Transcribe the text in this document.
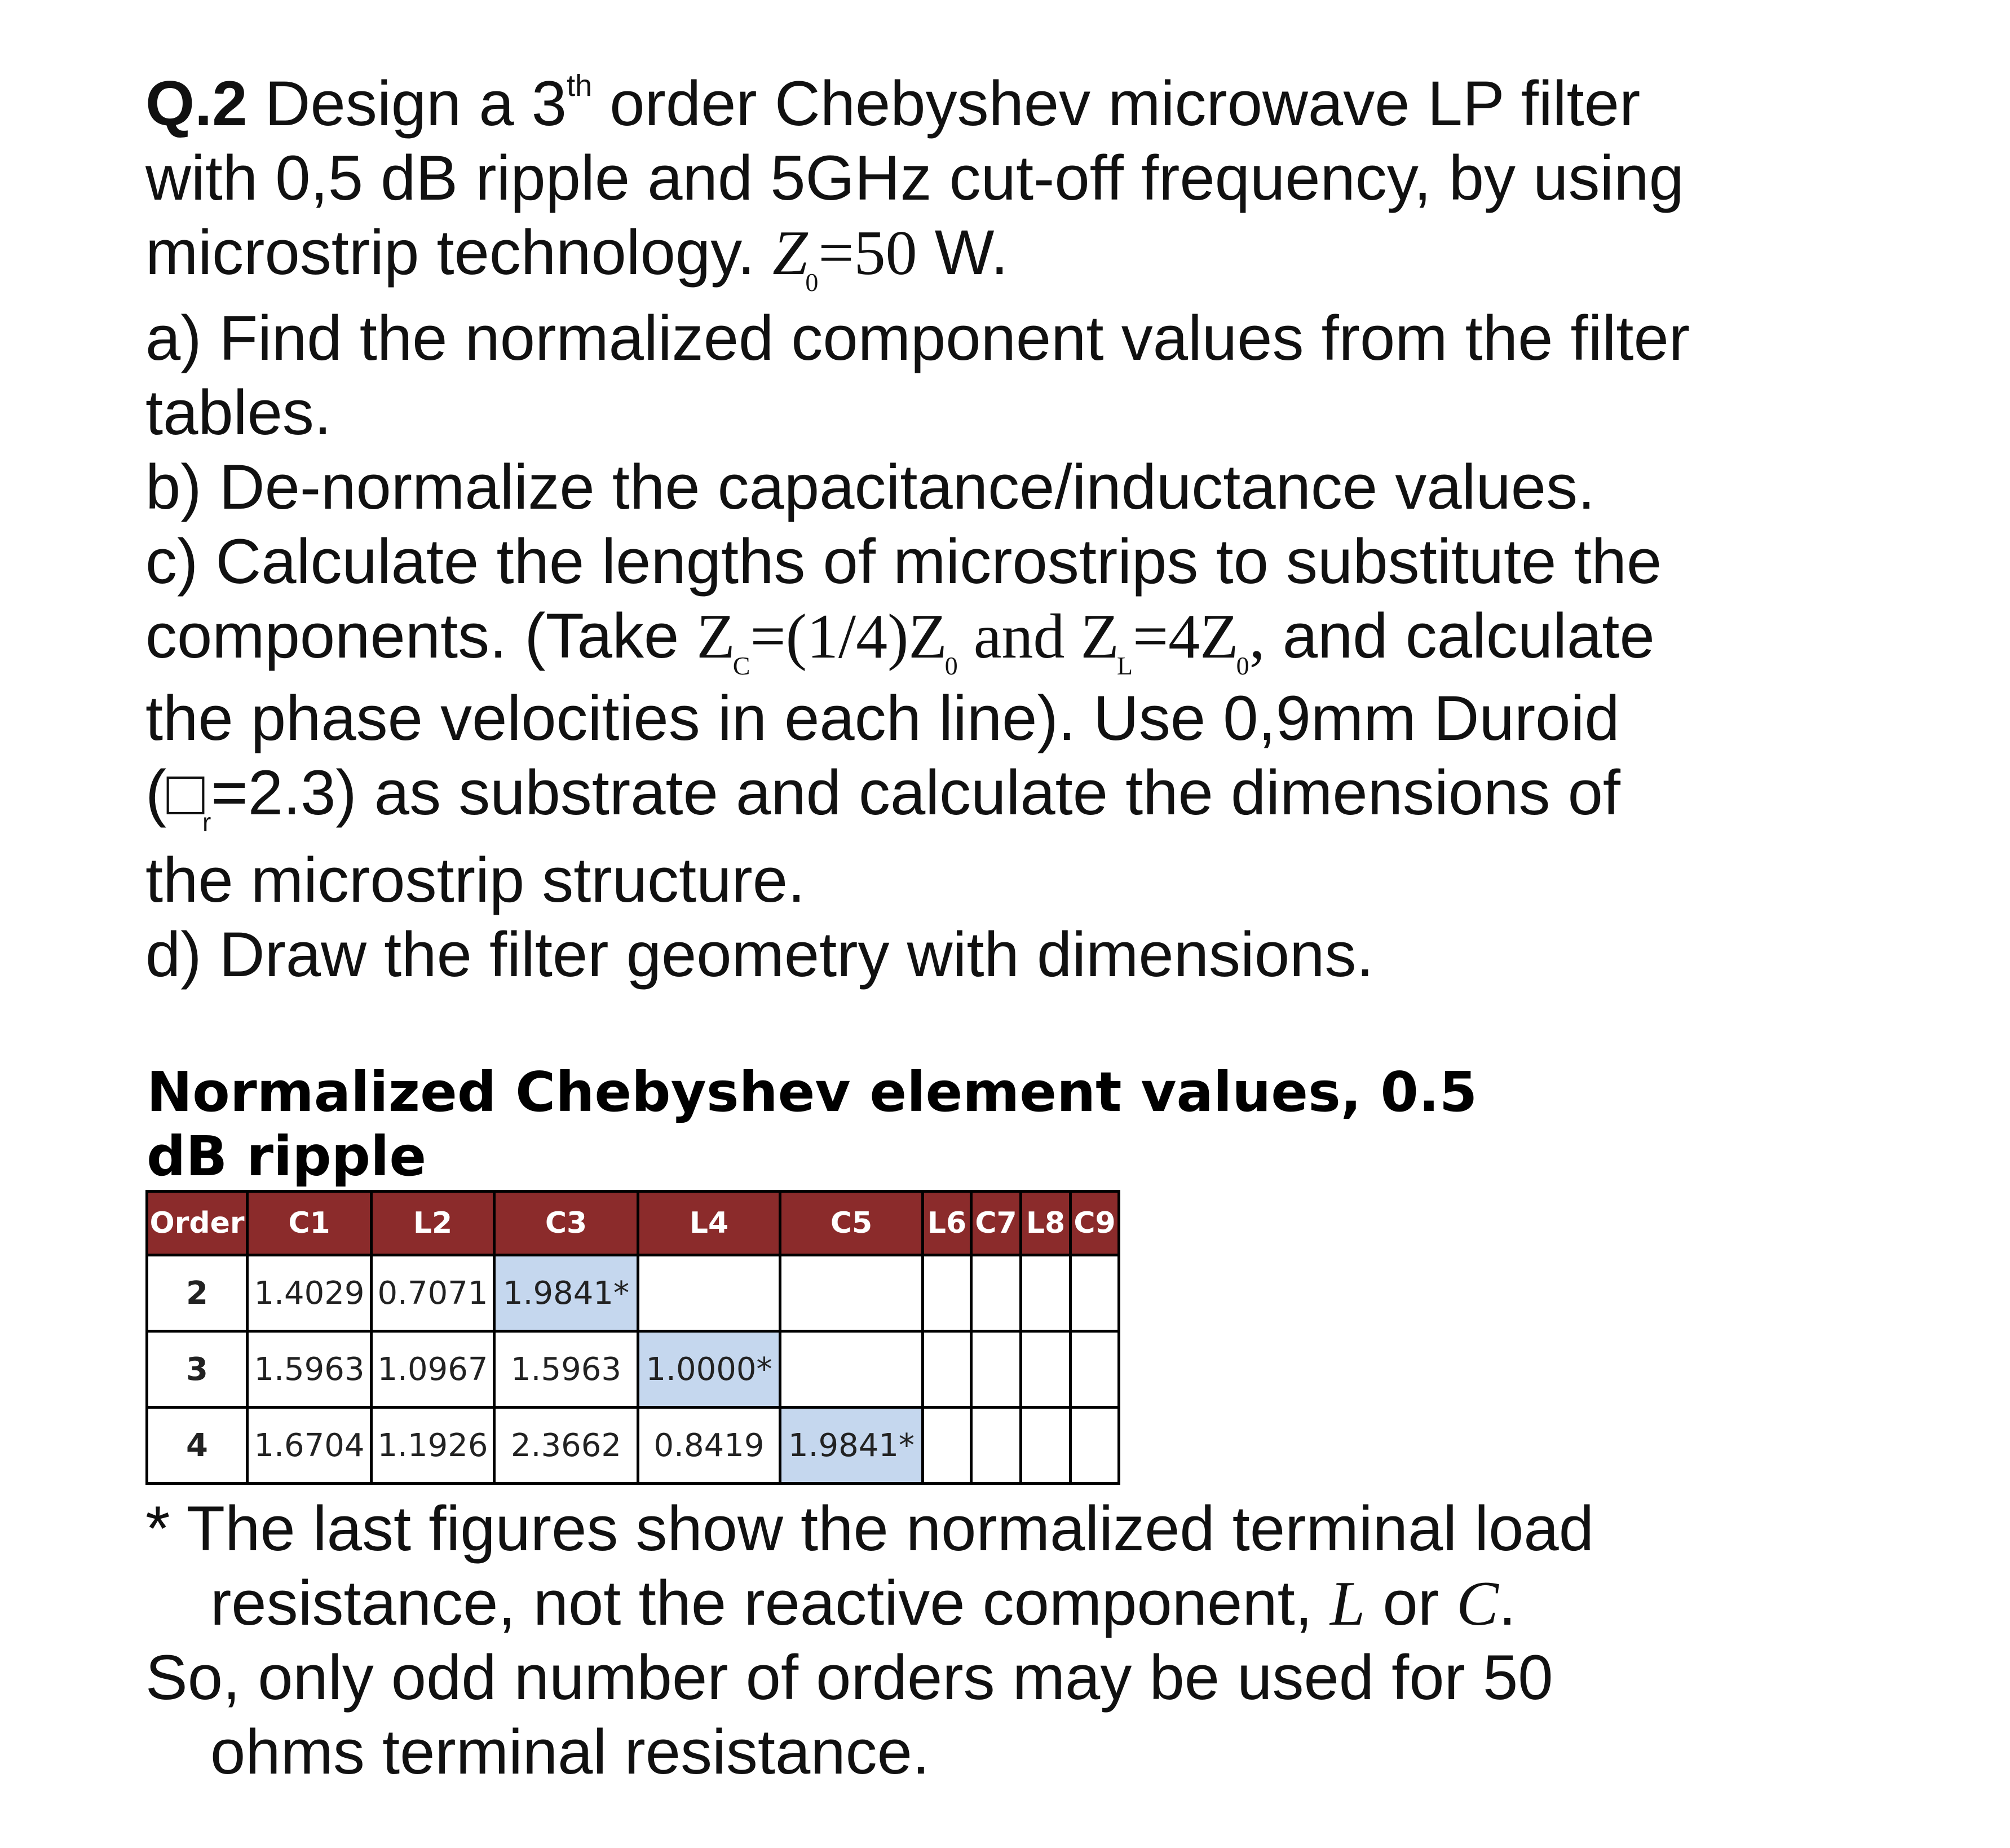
Q.2 Design a 3th order Chebyshev microwave LP filter

with 0,5 dB ripple and 5GHz cut-off frequency, by using

microstrip technology. $Z_0=50$ W.

a) Find the normalized component values from the filter

tables.

b) De-normalize the capacitance/inductance values.

c) Calculate the lengths of microstrips to substitute the

components. (Take $Z_C=(1/4)Z_0$ and $Z_L=4Z_0$, and calculate

the phase velocities in each line). Use 0,9mm Duroid

$(□_r=2.3)$ as substrate and calculate the dimensions of

the microstrip structure.

d) Draw the filter geometry with dimensions.

Normalized Chebyshev element values, 0.5 dB ripple
Order	C1	L2	C3	L4	C5	L6	C7	L8	C9
2	1.4029	0.7071	1.9841*						
3	1.5963	1.0967	1.5963	1.0000*					
4	1.6704	1.1926	2.3662	0.8419	1.9841*				
* The last figures show the normalized terminal load
resistance, not the reactive component, L or C.
So, only odd number of orders may be used for 50
ohms terminal resistance.
